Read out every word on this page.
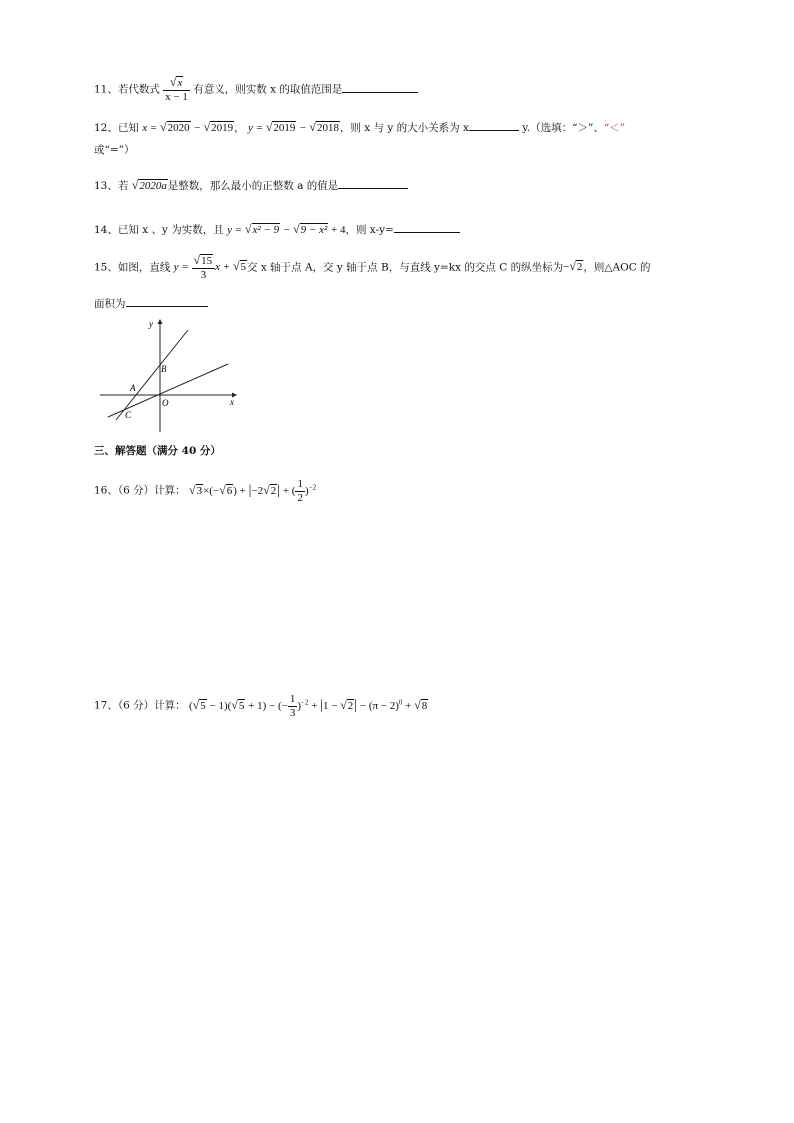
11、若代数式 $\frac{√x}{x - 1}$ 有意义，则实数 x 的取值范围是
12、已知 x = √2020 − √2019， y = √2019 − √2018，则 x 与 y 的大小关系为 x	y.（选填：“＞”、“＜”
或“=”）
13、若 √2020a是整数，那么最小的正整数 a 的值是
14、已知 x 、y 为实数，且 y = √x² − 9 − √9 − x² + 4，则 x-y=
15、如图，直线 $y = \frac{√15}{3}$ x + √5交 x 轴于点 A，交 y 轴于点 B，与直线 y=kx 的交点 C 的纵坐标为−√2，则△AOC 的
面积为
y
x
A
B
O
C
三、解答题（满分 40 分）
16、（6 分）计算： √3×(−√6) + |−2√2| + ( $\frac{1}{2} )^{-2}$
17、（6 分）计算： (√5 − 1)(√5 + 1) − (− $\frac{1}{3} )^{-2} + |1 - √2| - (\pi - 2)^0 + √8$
